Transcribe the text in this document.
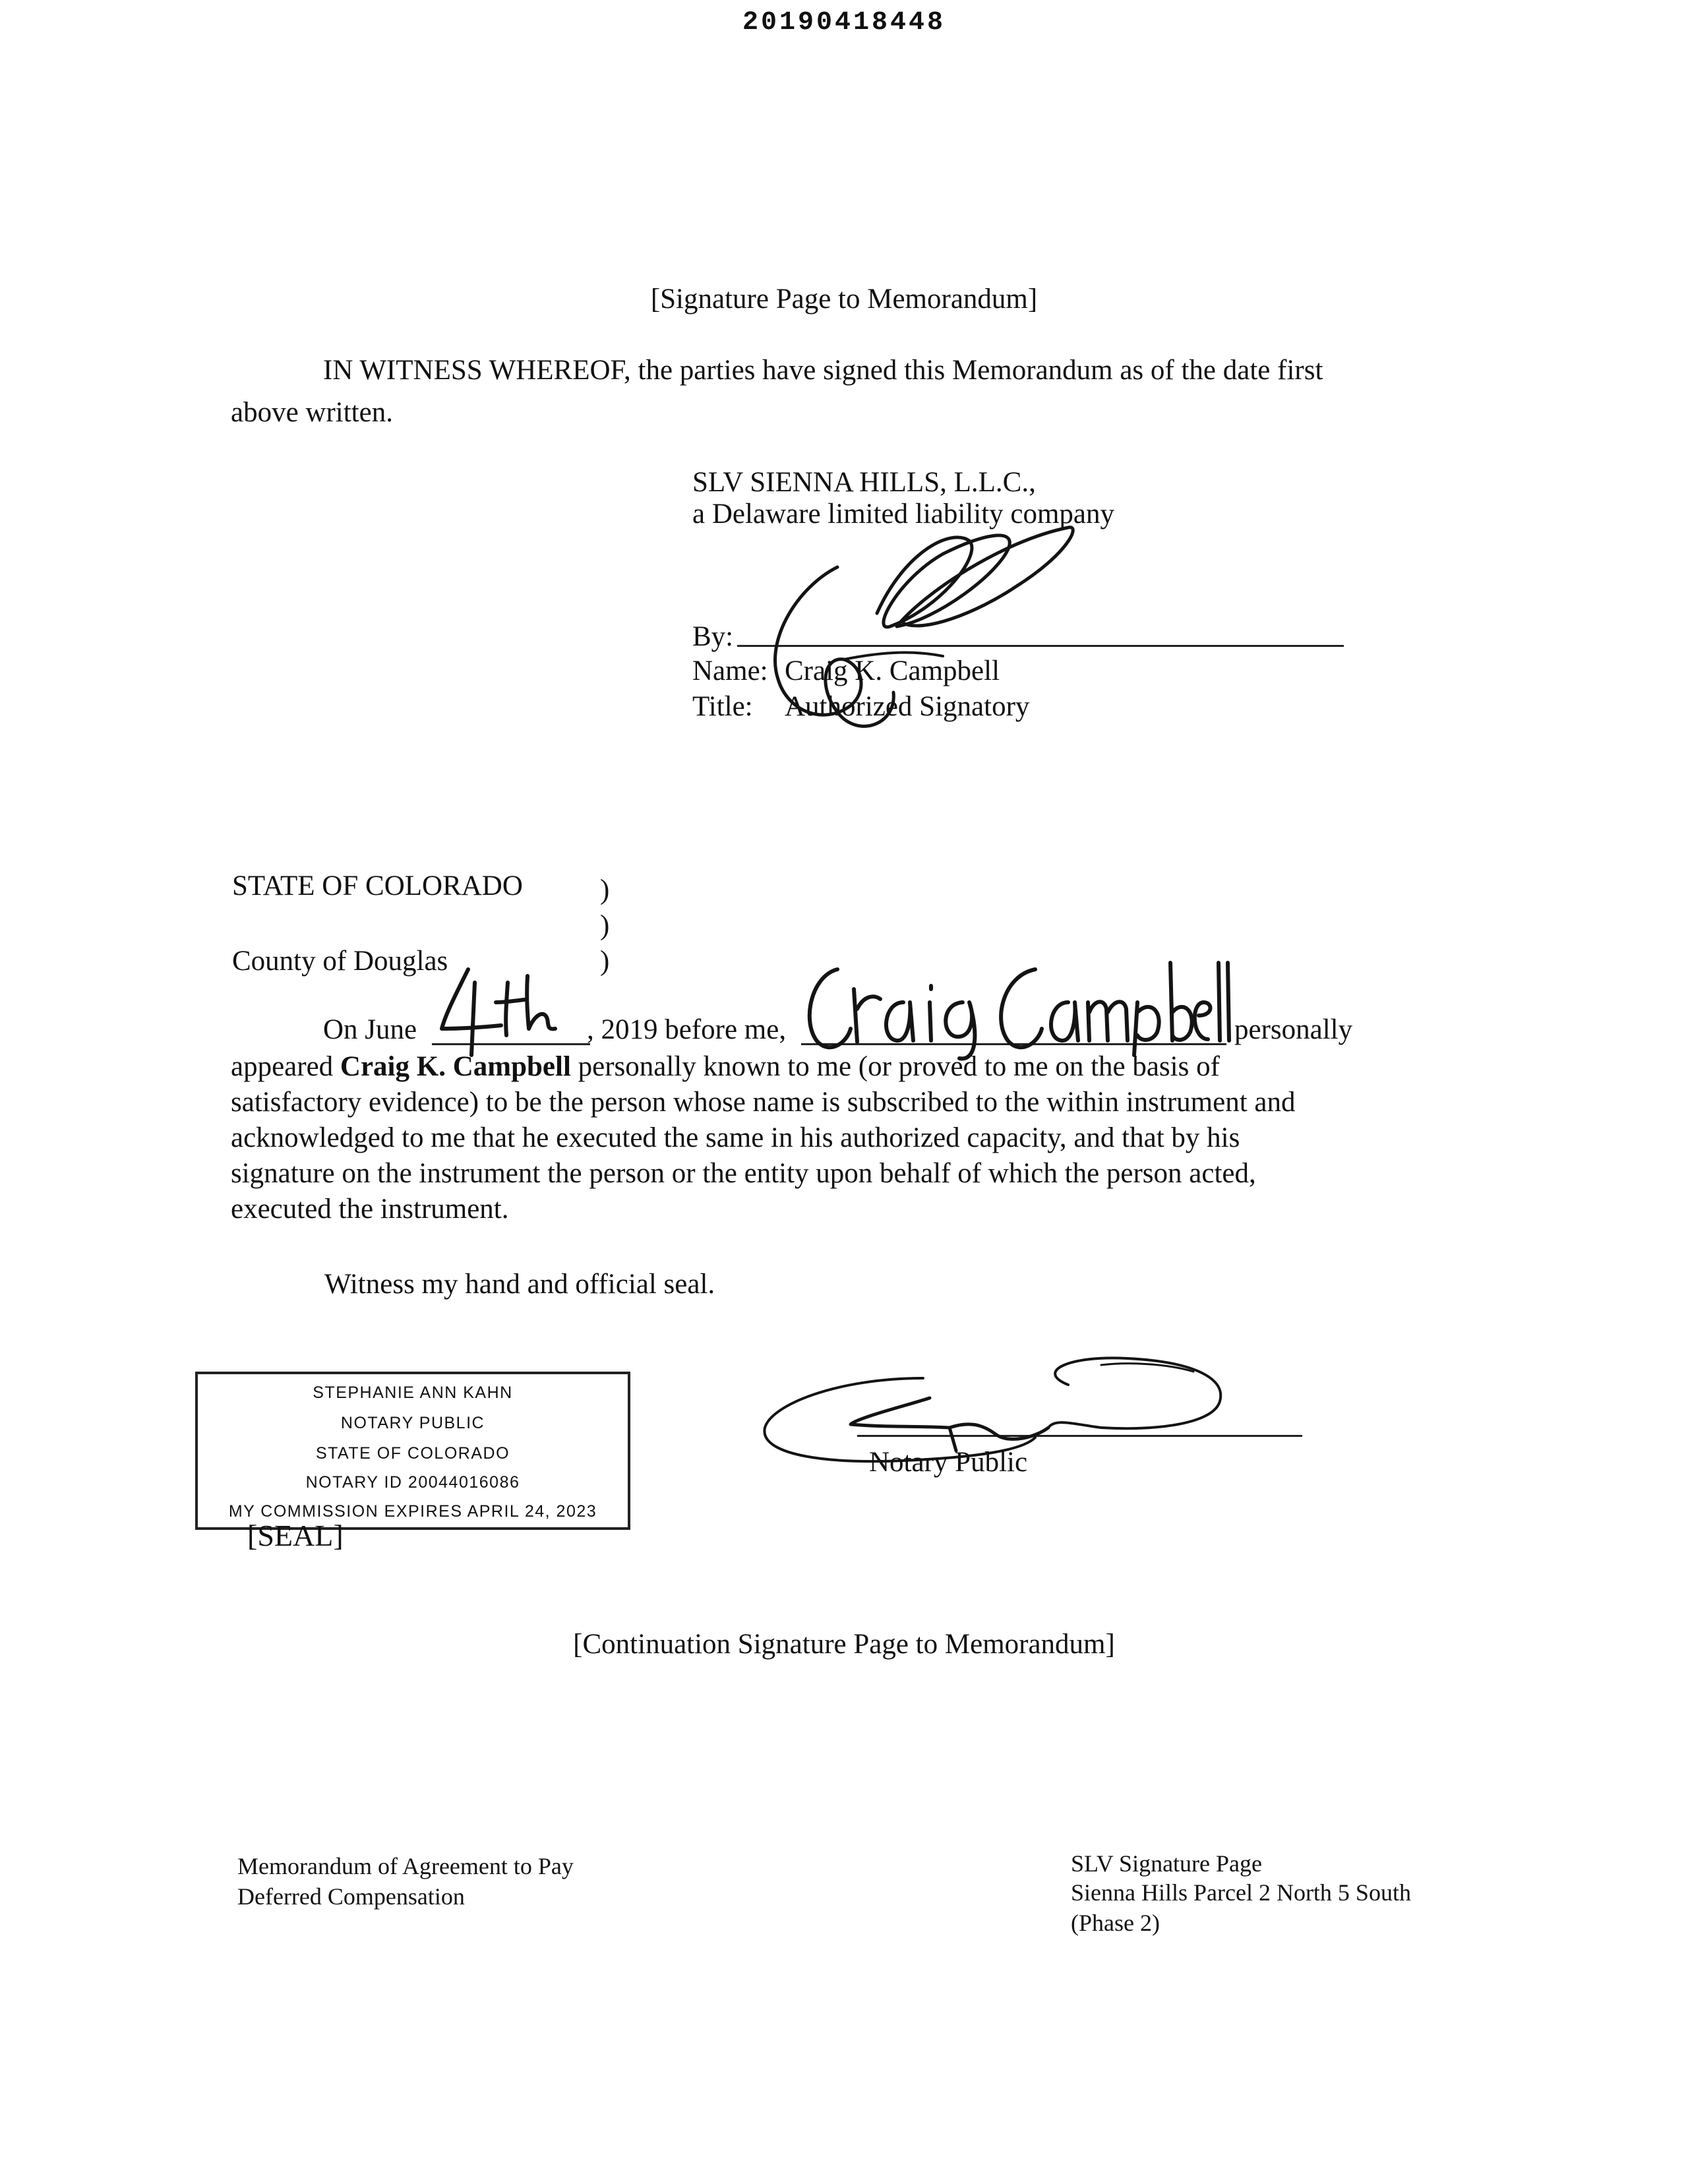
20190418448
[Signature Page to Memorandum]
IN WITNESS WHEREOF, the parties have signed this Memorandum as of the date first
above written.
SLV SIENNA HILLS, L.L.C.,
a Delaware limited liability company
By:
Name: Craig K. Campbell
Title: Authorized Signatory
STATE OF COLORADO	)
)
County of Douglas	)
On June	, 2019 before me,	personally
appeared Craig K. Campbell personally known to me (or proved to me on the basis of
satisfactory evidence) to be the person whose name is subscribed to the within instrument and
acknowledged to me that he executed the same in his authorized capacity, and that by his
signature on the instrument the person or the entity upon behalf of which the person acted,
executed the instrument.
Witness my hand and official seal.
STEPHANIE ANN KAHN
NOTARY PUBLIC
STATE OF COLORADO
NOTARY ID 20044016086
MY COMMISSION EXPIRES APRIL 24, 2023
[SEAL]
Notary Public
[Continuation Signature Page to Memorandum]
Memorandum of Agreement to Pay
Deferred Compensation
SLV Signature Page
Sienna Hills Parcel 2 North 5 South
(Phase 2)
